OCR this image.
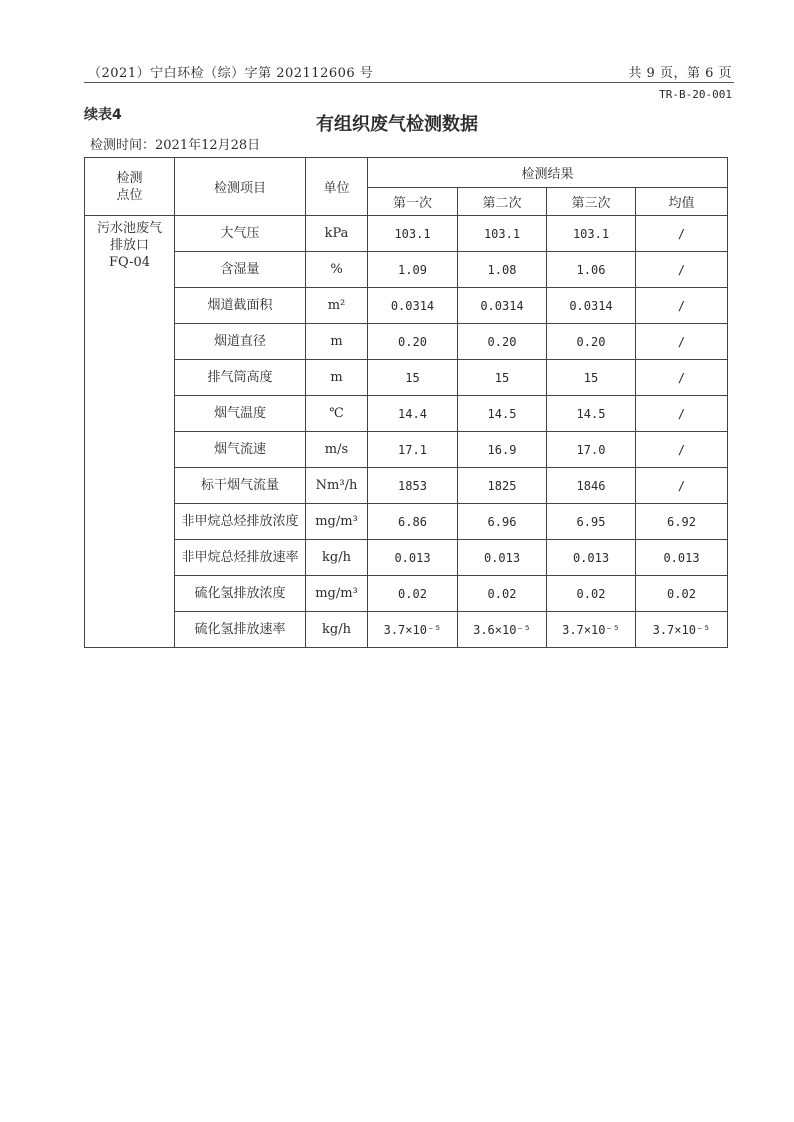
（2021）宁白环检（综）字第 202112606 号	共 9 页，第 6 页
TR-B-20-001
续表4	有组织废气检测数据
检测时间：2021年12月28日
检测
点位	检测项目	单位	检测结果			
			第一次	第二次	第三次	均值
污水池废气
排放口
FQ-04	大气压	kPa	103.1	103.1	103.1	/
	含湿量	%	1.09	1.08	1.06	/
	烟道截面积	m²	0.0314	0.0314	0.0314	/
	烟道直径	m	0.20	0.20	0.20	/
	排气筒高度	m	15	15	15	/
	烟气温度	℃	14.4	14.5	14.5	/
	烟气流速	m/s	17.1	16.9	17.0	/
	标干烟气流量	Nm³/h	1853	1825	1846	/
	非甲烷总烃排放浓度	mg/m³	6.86	6.96	6.95	6.92
	非甲烷总烃排放速率	kg/h	0.013	0.013	0.013	0.013
	硫化氢排放浓度	mg/m³	0.02	0.02	0.02	0.02
	硫化氢排放速率	kg/h	3.7×10⁻⁵	3.6×10⁻⁵	3.7×10⁻⁵	3.7×10⁻⁵
